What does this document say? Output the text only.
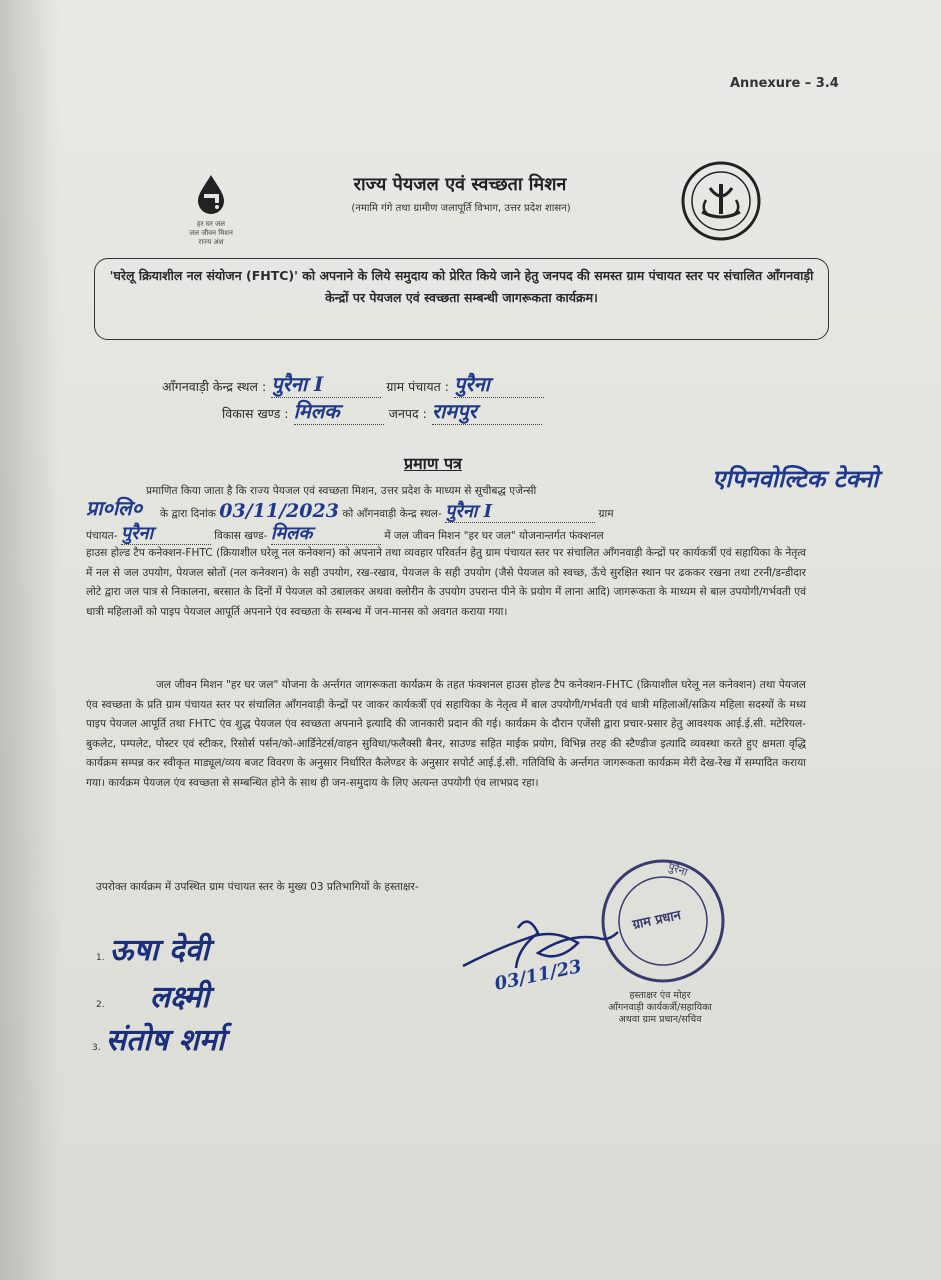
Annexure – 3.4
हर घर जल
जल जीवन मिशन
राज्य अंश
राज्य पेयजल एवं स्वच्छता मिशन
(नमामि गंगे तथा ग्रामीण जलापूर्ति विभाग, उत्तर प्रदेश शासन)
'घरेलू क्रियाशील नल संयोजन (FHTC)' को अपनाने के लिये समुदाय को प्रेरित किये जाने हेतु जनपद की समस्त ग्राम पंचायत स्तर पर संचालित आँगनवाड़ी केन्द्रों पर पेयजल एवं स्वच्छता सम्बन्धी जागरूकता कार्यक्रम।
आँगनवाड़ी केन्द्र स्थल : पुरैना I	ग्राम पंचायत : पुरैना
विकास खण्ड : मिलक	जनपद : रामपुर
प्रमाण पत्र
प्रमाणित किया जाता है कि राज्य पेयजल एवं स्वच्छता मिशन, उत्तर प्रदेश के माध्यम से सूचीबद्ध एजेन्सी	एपिनवोल्टिक टेक्नो
प्रा०लि० के द्वारा दिनांक 03/11/2023 को आँगनवाड़ी केन्द्र स्थल- पुरैना I	ग्राम
पंचायत- पुरैना	विकास खण्ड- मिलक	में जल जीवन मिशन "हर घर जल" योजनान्तर्गत फंक्शनल
हाउस होल्ड टैप कनेक्शन-FHTC (क्रियाशील घरेलू नल कनेक्शन) को अपनाने तथा व्यवहार परिवर्तन हेतु ग्राम पंचायत स्तर पर संचालित आँगनवाड़ी केन्द्रों पर कार्यकर्त्री एवं सहायिका के नेतृत्व में नल से जल उपयोग, पेयजल स्रोतों (नल कनेक्शन) के सही उपयोग, रख-रखाव, पेयजल के सही उपयोग (जैसे पेयजल को स्वच्छ, ऊँचे सुरक्षित स्थान पर ढककर रखना तथा टरनी/डन्डीदार लोटे द्वारा जल पात्र से निकालना, बरसात के दिनों में पेयजल को उबालकर अथवा क्लोरीन के उपयोग उपरान्त पीने के प्रयोग में लाना आदि) जागरूकता के माध्यम से बाल उपयोगी/गर्भवती एवं धात्री महिलाओं को पाइप पेयजल आपूर्ति अपनाने एंव स्वच्छता के सम्बन्ध में जन-मानस को अवगत कराया गया।
जल जीवन मिशन "हर घर जल" योजना के अर्न्तगत जागरूकता कार्यक्रम के तहत फंक्शनल हाउस होल्ड टैप कनेक्शन-FHTC (क्रियाशील घरेलू नल कनेक्शन) तथा पेयजल एंव स्वच्छता के प्रति ग्राम पंचायत स्तर पर संचालित आँगनवाड़ी केन्द्रों पर जाकर कार्यकर्त्री एवं सहायिका के नेतृत्व में बाल उपयोगी/गर्भवती एवं धात्री महिलाओं/सक्रिय महिला सदस्यों के मध्य पाइप पेयजल आपूर्ति तथा FHTC एंव शुद्ध पेयजल एंव स्वच्छता अपनाने इत्यादि की जानकारी प्रदान की गई। कार्यक्रम के दौरान एजेंसी द्वारा प्रचार-प्रसार हेतु आवश्यक आई.ई.सी. मटेरियल-बुकलेट, पम्पलेट, पोस्टर एवं स्टीकर, रिसोर्स पर्सन/को-आर्डिनेटर्स/वाहन सुविधा/फलैक्सी बैनर, साउण्ड सहित माईक प्रयोग, विभिन्न तरह की स्टैण्डीज इत्यादि व्यवस्था करते हुए क्षमता वृद्धि कार्यक्रम सम्पन्न कर स्वीकृत माड्यूल/व्यय बजट विवरण के अनुसार निर्धारित कैलेण्डर के अनुसार सपोर्ट आई.ई.सी. गतिविधि के अर्न्तगत जागरूकता कार्यक्रम मेरी देख-रेख में सम्पादित कराया गया। कार्यक्रम पेयजल एंव स्वच्छता से सम्बन्धित होने के साथ ही जन-समुदाय के लिए अत्यन्त उपयोगी एंव लाभप्रद रहा।
उपरोक्त कार्यक्रम में उपस्थित ग्राम पंचायत स्तर के मुख्य 03 प्रतिभागियों के हस्ताक्षर-
1. ऊषा देवी
2. लक्ष्मी
3. संतोष शर्मा
ग्राम प्रधान
पुरैना
03/11/23
हस्ताक्षर एंव मोहर
आँगनवाड़ी कार्यकर्त्री/सहायिका
अथवा ग्राम प्रधान/सचिव
